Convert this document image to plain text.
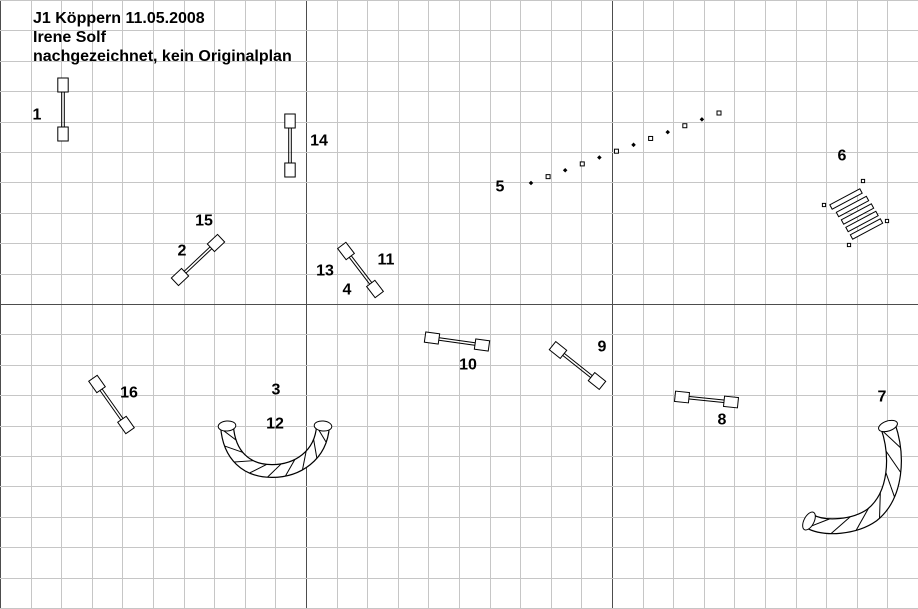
1
14
15
2
13
4
11
10
9
8
16
5
6
3
12
7
J1 Köppern 11.05.2008
Irene Solf
nachgezeichnet, kein Originalplan
